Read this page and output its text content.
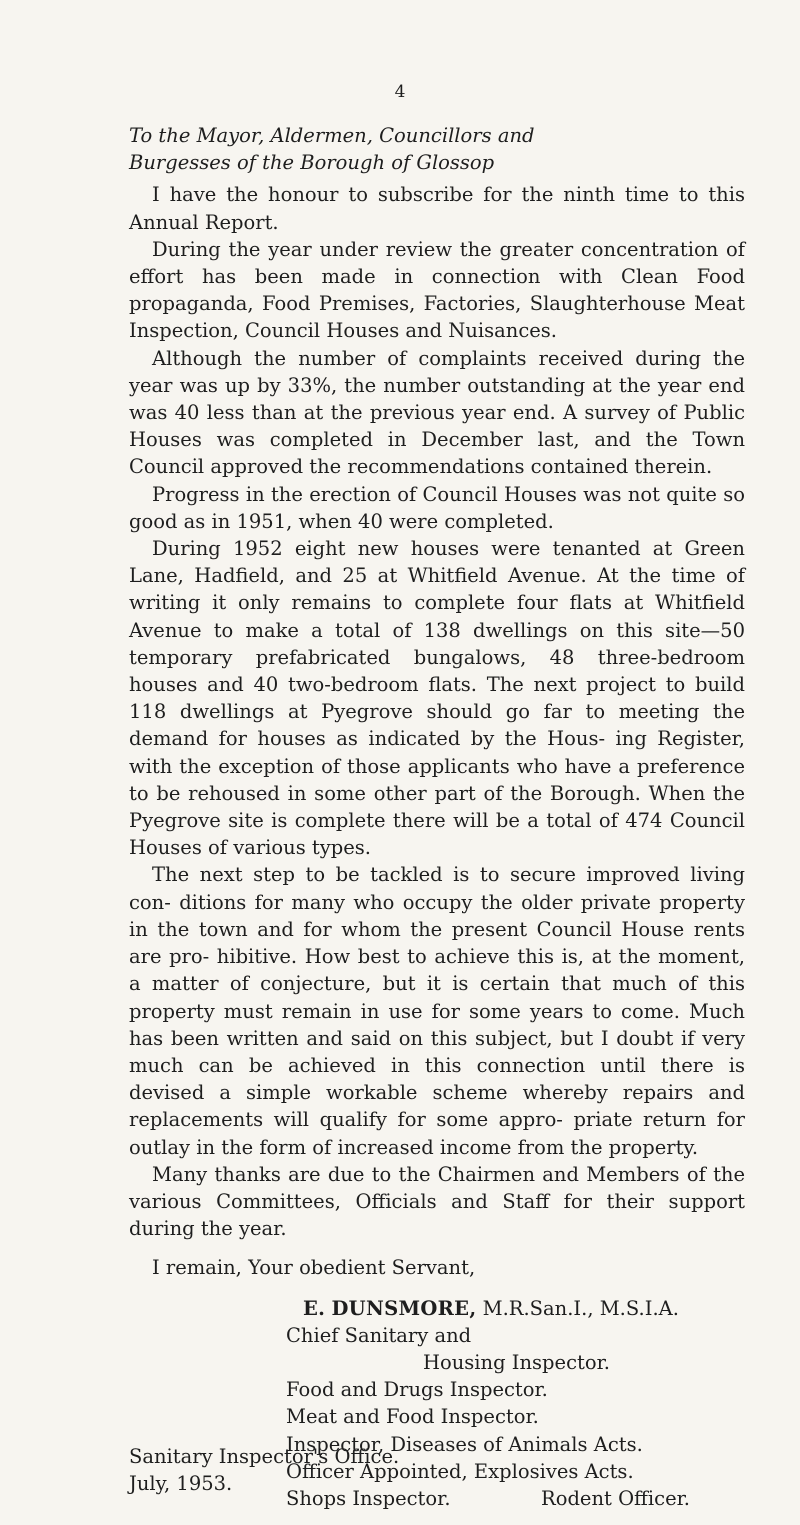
4
To the Mayor, Aldermen, Councillors and
Burgesses of the Borough of Glossop

I have the honour to subscribe for the ninth time to this Annual Report.

During the year under review the greater concentration of effort has been made in connection with Clean Food propaganda, Food Premises, Factories, Slaughterhouse Meat Inspection, Council Houses and Nuisances.

Although the number of complaints received during the year was up by 33%, the number outstanding at the year end was 40 less than at the previous year end. A survey of Public Houses was completed in December last, and the Town Council approved the recommendations contained therein.

Progress in the erection of Council Houses was not quite so good as in 1951, when 40 were completed.

During 1952 eight new houses were tenanted at Green Lane, Hadfield, and 25 at Whitfield Avenue. At the time of writing it only remains to complete four flats at Whitfield Avenue to make a total of 138 dwellings on this site—50 temporary prefabricated bungalows, 48 three-bedroom houses and 40 two-bedroom flats. The next project to build 118 dwellings at Pyegrove should go far to meeting the demand for houses as indicated by the Hous- ing Register, with the exception of those applicants who have a preference to be rehoused in some other part of the Borough. When the Pyegrove site is complete there will be a total of 474 Council Houses of various types.

The next step to be tackled is to secure improved living con- ditions for many who occupy the older private property in the town and for whom the present Council House rents are pro- hibitive. How best to achieve this is, at the moment, a matter of conjecture, but it is certain that much of this property must remain in use for some years to come. Much has been written and said on this subject, but I doubt if very much can be achieved in this connection until there is devised a simple workable scheme whereby repairs and replacements will qualify for some appro- priate return for outlay in the form of increased income from the property.

Many thanks are due to the Chairmen and Members of the various Committees, Officials and Staff for their support during the year.

I remain, Your obedient Servant,
E. DUNSMORE, M.R.San.I., M.S.I.A.
Chief Sanitary and
Housing Inspector.
Food and Drugs Inspector.
Meat and Food Inspector.
Inspector, Diseases of Animals Acts.
Officer Appointed, Explosives Acts.
Shops Inspector.	Rodent Officer.
Sanitary Inspector's Office.
July, 1953.
